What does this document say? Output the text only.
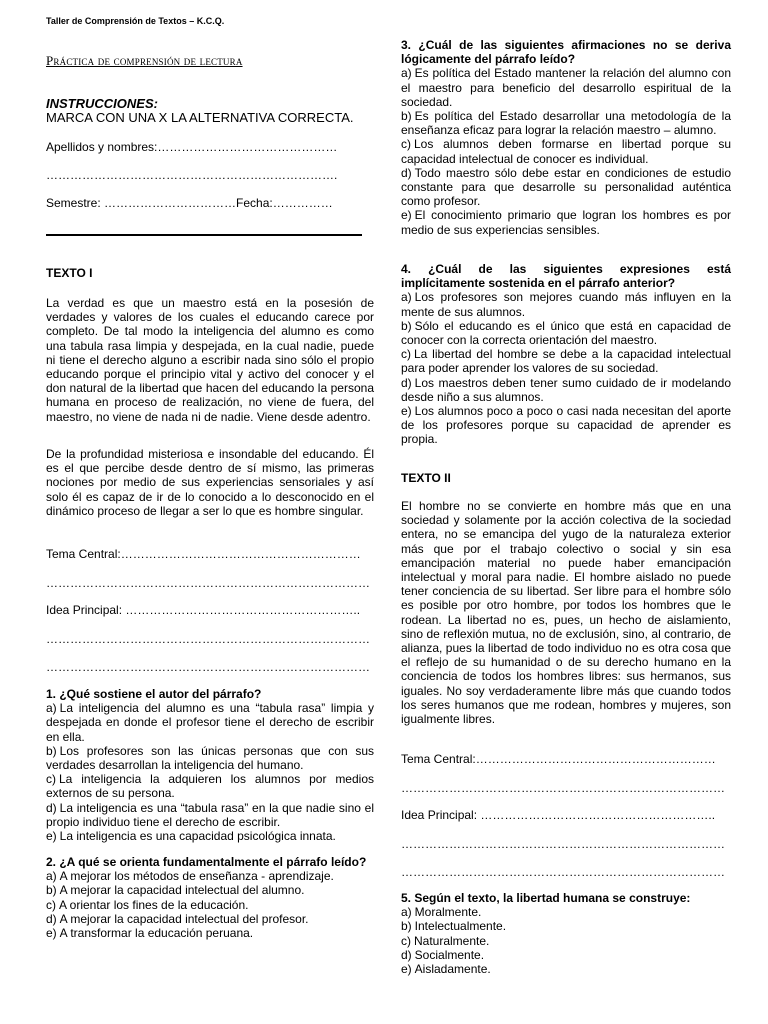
Taller de Comprensión de Textos – K.C.Q.
Práctica de comprensión de lectura
INSTRUCCIONES:
MARCA CON UNA X LA ALTERNATIVA CORRECTA.
Apellidos y nombres:………………………………………
……………………………………………………………….
Semestre: ……………………………Fecha:……………
TEXTO I
La verdad es que un maestro está en la posesión de verdades y valores de los cuales el educando carece por completo. De tal modo la inteligencia del alumno es como una tabula rasa limpia y despejada, en la cual nadie, puede ni tiene el derecho alguno a escribir nada sino sólo el propio educando porque el principio vital y activo del conocer y el don natural de la libertad que hacen del educando la persona humana en proceso de realización, no viene de fuera, del maestro, no viene de nada ni de nadie. Viene desde adentro.
De la profundidad misteriosa e insondable del educando. Él es el que percibe desde dentro de sí mismo, las primeras nociones por medio de sus experiencias sensoriales y así solo él es capaz de ir de lo conocido a lo desconocido en el dinámico proceso de llegar a ser lo que es hombre singular.
Tema Central:……………………………………………………
………………………………………………………………………
Idea Principal: …………………………………………………..
………………………………………………………………………
………………………………………………………………………
1. ¿Qué sostiene el autor del párrafo?
a) La inteligencia del alumno es una “tabula rasa” limpia y despejada en donde el profesor tiene el derecho de escribir en ella.
b) Los profesores son las únicas personas que con sus verdades desarrollan la inteligencia del humano.
c) La inteligencia la adquieren los alumnos por medios externos de su persona.
d) La inteligencia es una “tabula rasa” en la que nadie sino el propio individuo tiene el derecho de escribir.
e) La inteligencia es una capacidad psicológica innata.
2. ¿A qué se orienta fundamentalmente el párrafo leído?
a) A mejorar los métodos de enseñanza - aprendizaje.
b) A mejorar la capacidad intelectual del alumno.
c) A orientar los fines de la educación.
d) A mejorar la capacidad intelectual del profesor.
e) A transformar la educación peruana.
3. ¿Cuál de las siguientes afirmaciones no se deriva lógicamente del párrafo leído?
a) Es política del Estado mantener la relación del alumno con el maestro para beneficio del desarrollo espiritual de la sociedad.
b) Es política del Estado desarrollar una metodología de la enseñanza eficaz para lograr la relación maestro – alumno.
c) Los alumnos deben formarse en libertad porque su capacidad intelectual de conocer es individual.
d) Todo maestro sólo debe estar en condiciones de estudio constante para que desarrolle su personalidad auténtica como profesor.
e) El conocimiento primario que logran los hombres es por medio de sus experiencias sensibles.
4. ¿Cuál de las siguientes expresiones está implícitamente sostenida en el párrafo anterior?
a) Los profesores son mejores cuando más influyen en la mente de sus alumnos.
b) Sólo el educando es el único que está en capacidad de conocer con la correcta orientación del maestro.
c) La libertad del hombre se debe a la capacidad intelectual para poder aprender los valores de su sociedad.
d) Los maestros deben tener sumo cuidado de ir modelando desde niño a sus alumnos.
e) Los alumnos poco a poco o casi nada necesitan del aporte de los profesores porque su capacidad de aprender es propia.
TEXTO II
El hombre no se convierte en hombre más que en una sociedad y solamente por la acción colectiva de la sociedad entera, no se emancipa del yugo de la naturaleza exterior más que por el trabajo colectivo o social y sin esa emancipación material no puede haber emancipación intelectual y moral para nadie. El hombre aislado no puede tener conciencia de su libertad. Ser libre para el hombre sólo es posible por otro hombre, por todos los hombres que le rodean. La libertad no es, pues, un hecho de aislamiento, sino de reflexión mutua, no de exclusión, sino, al contrario, de alianza, pues la libertad de todo individuo no es otra cosa que el reflejo de su humanidad o de su derecho humano en la conciencia de todos los hombres libres: sus hermanos, sus iguales. No soy verdaderamente libre más que cuando todos los seres humanos que me rodean, hombres y mujeres, son igualmente libres.
Tema Central:……………………………………………………
………………………………………………………………………
Idea Principal: …………………………………………………..
………………………………………………………………………
………………………………………………………………………
5. Según el texto, la libertad humana se construye:
a) Moralmente.
b) Intelectualmente.
c) Naturalmente.
d) Socialmente.
e) Aisladamente.
